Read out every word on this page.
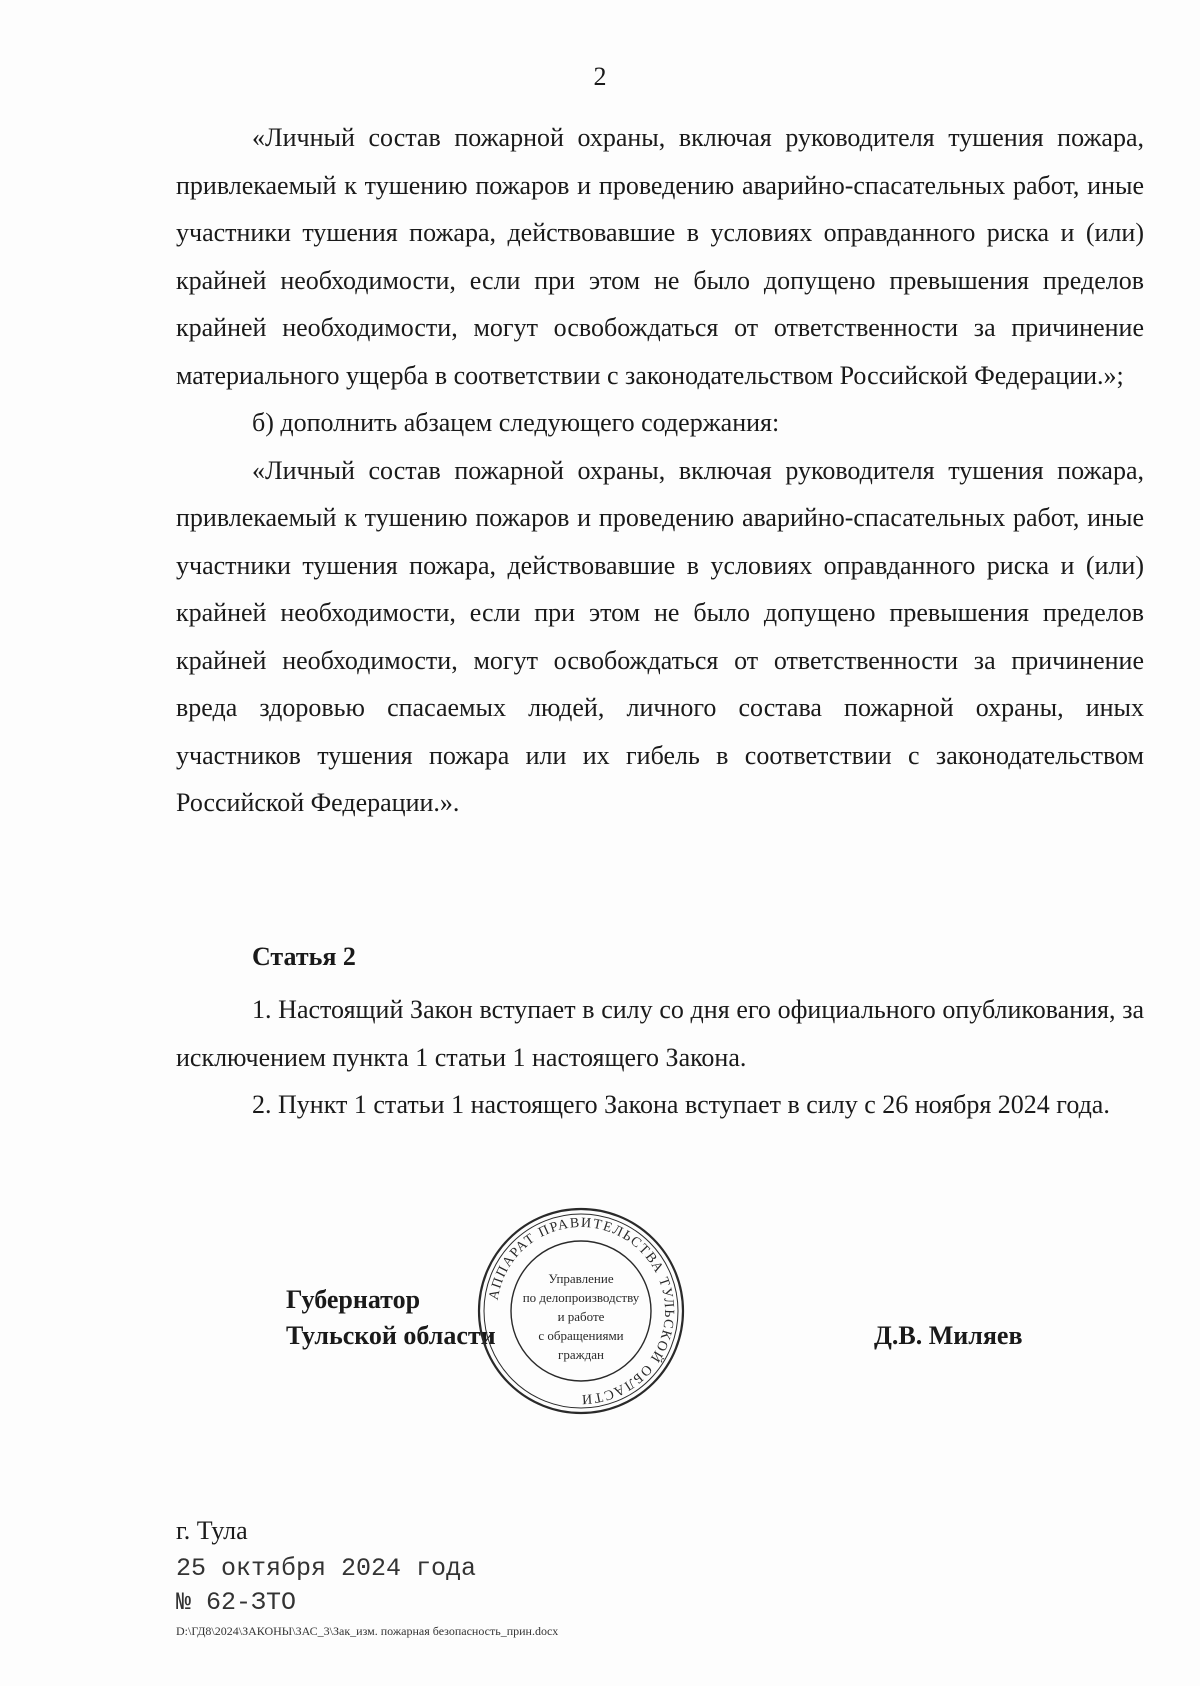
2

«Личный состав пожарной охраны, включая руководителя тушения пожара, привлекаемый к тушению пожаров и проведению аварийно-спасательных работ, иные участники тушения пожара, действовавшие в условиях оправданного риска и (или) крайней необходимости, если при этом не было допущено превышения пределов крайней необходимости, могут освобождаться от ответственности за причинение материального ущерба в соответствии с законодательством Российской Федерации.»;

б) дополнить абзацем следующего содержания:

«Личный состав пожарной охраны, включая руководителя тушения пожара, привлекаемый к тушению пожаров и проведению аварийно-спасательных работ, иные участники тушения пожара, действовавшие в условиях оправданного риска и (или) крайней необходимости, если при этом не было допущено превышения пределов крайней необходимости, могут освобождаться от ответственности за причинение вреда здоровью спасаемых людей, личного состава пожарной охраны, иных участников тушения пожара или их гибель в соответствии с законодательством Российской Федерации.».

Статья 2

1. Настоящий Закон вступает в силу со дня его официального опубликования, за исключением пункта 1 статьи 1 настоящего Закона.

2. Пункт 1 статьи 1 настоящего Закона вступает в силу с 26 ноября 2024 года.

Губернатор
Тульской области	Д.В. Миляев
АППАРАТ ПРАВИТЕЛЬСТВА ТУЛЬСКОЙ ОБЛАСТИ
Управление
по делопроизводству
и работе
с обращениями
граждан
г. Тула
25 октября 2024 года
№ 62-ЗТО
D:\ГД8\2024\ЗАКОНЫ\ЗАС_3\Зак_изм. пожарная безопасность_прин.docx
